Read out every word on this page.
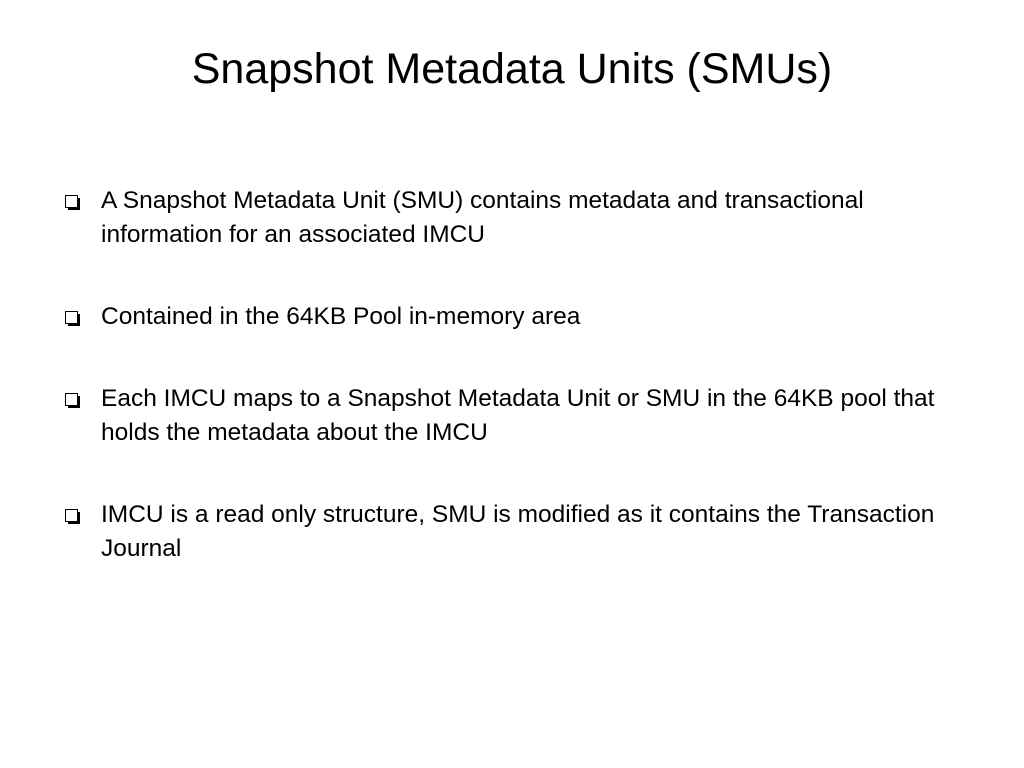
Snapshot Metadata Units (SMUs)
A Snapshot Metadata Unit (SMU) contains metadata and transactional information for an associated IMCU
Contained in the 64KB Pool in-memory area
Each IMCU maps to a Snapshot Metadata Unit or SMU in the 64KB pool that holds the metadata about the IMCU
IMCU is a read only structure, SMU is modified as it contains the Transaction Journal
